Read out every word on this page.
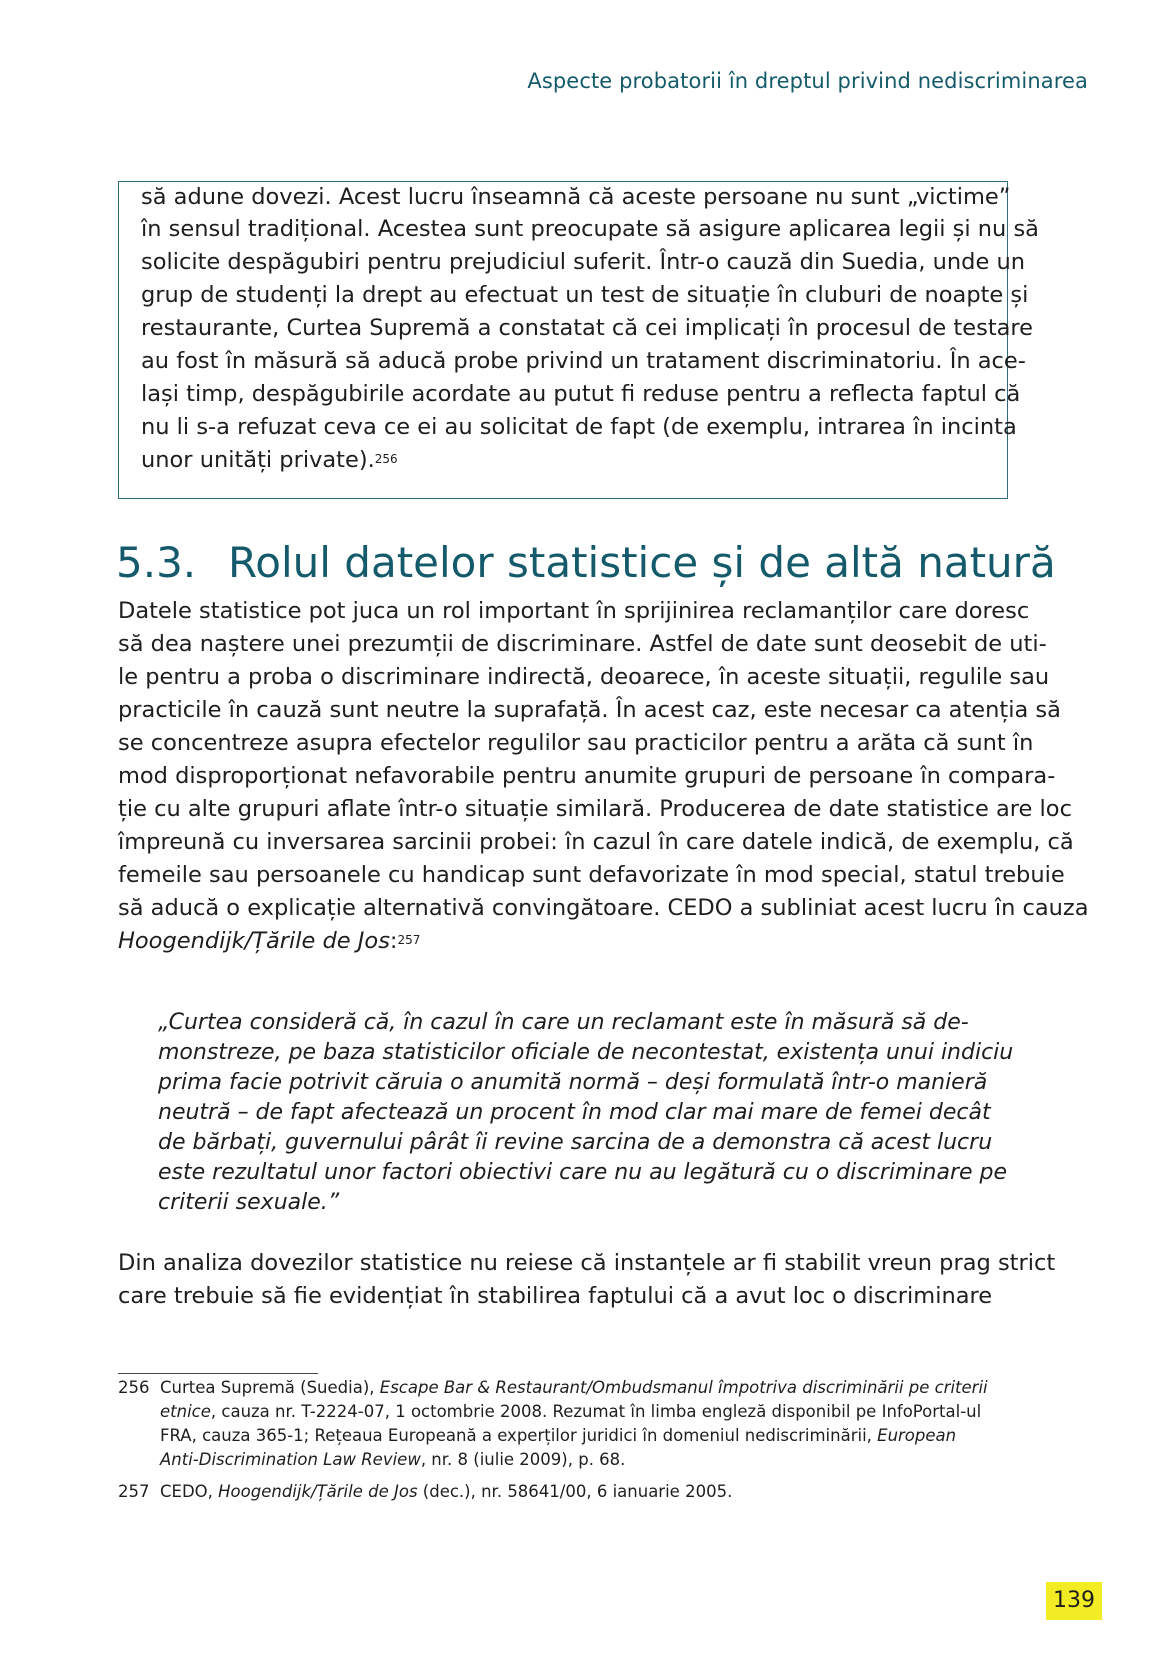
Aspecte probatorii în dreptul privind nediscriminarea
să adune dovezi. Acest lucru înseamnă că aceste persoane nu sunt „victime”
în sensul tradițional. Acestea sunt preocupate să asigure aplicarea legii și nu să
solicite despăgubiri pentru prejudiciul suferit. Într-o cauză din Suedia, unde un
grup de studenți la drept au efectuat un test de situație în cluburi de noapte și
restaurante, Curtea Supremă a constatat că cei implicați în procesul de testare
au fost în măsură să aducă probe privind un tratament discriminatoriu. În ace-
lași timp, despăgubirile acordate au putut fi reduse pentru a reflecta faptul că
nu li s-a refuzat ceva ce ei au solicitat de fapt (de exemplu, intrarea în incinta
unor unități private).$^{256}$
5.3. Rolul datelor statistice și de altă natură
Datele statistice pot juca un rol important în sprijinirea reclamanților care doresc
să dea naștere unei prezumții de discriminare. Astfel de date sunt deosebit de uti-
le pentru a proba o discriminare indirectă, deoarece, în aceste situații, regulile sau
practicile în cauză sunt neutre la suprafață. În acest caz, este necesar ca atenția să
se concentreze asupra efectelor regulilor sau practicilor pentru a arăta că sunt în
mod disproporționat nefavorabile pentru anumite grupuri de persoane în compara-
ție cu alte grupuri aflate într-o situație similară. Producerea de date statistice are loc
împreună cu inversarea sarcinii probei: în cazul în care datele indică, de exemplu, că
femeile sau persoanele cu handicap sunt defavorizate în mod special, statul trebuie
să aducă o explicație alternativă convingătoare. CEDO a subliniat acest lucru în cauza
Hoogendijk/Țările de Jos:$^{257}$
„Curtea consideră că, în cazul în care un reclamant este în măsură să de-
monstreze, pe baza statisticilor oficiale de necontestat, existența unui indiciu
prima facie potrivit căruia o anumită normă – deși formulată într-o manieră
neutră – de fapt afectează un procent în mod clar mai mare de femei decât
de bărbați, guvernului pârât îi revine sarcina de a demonstra că acest lucru
este rezultatul unor factori obiectivi care nu au legătură cu o discriminare pe
criterii sexuale.”
Din analiza dovezilor statistice nu reiese că instanțele ar fi stabilit vreun prag strict
care trebuie să fie evidențiat în stabilirea faptului că a avut loc o discriminare
256 Curtea Supremă (Suedia), Escape Bar & Restaurant/Ombudsmanul împotriva discriminării pe criterii
etnice, cauza nr. T-2224-07, 1 octombrie 2008. Rezumat în limba engleză disponibil pe InfoPortal-ul
FRA, cauza 365-1; Rețeaua Europeană a experților juridici în domeniul nediscriminării, European
Anti-Discrimination Law Review, nr. 8 (iulie 2009), p. 68.
257 CEDO, Hoogendijk/Țările de Jos (dec.), nr. 58641/00, 6 ianuarie 2005.
139
